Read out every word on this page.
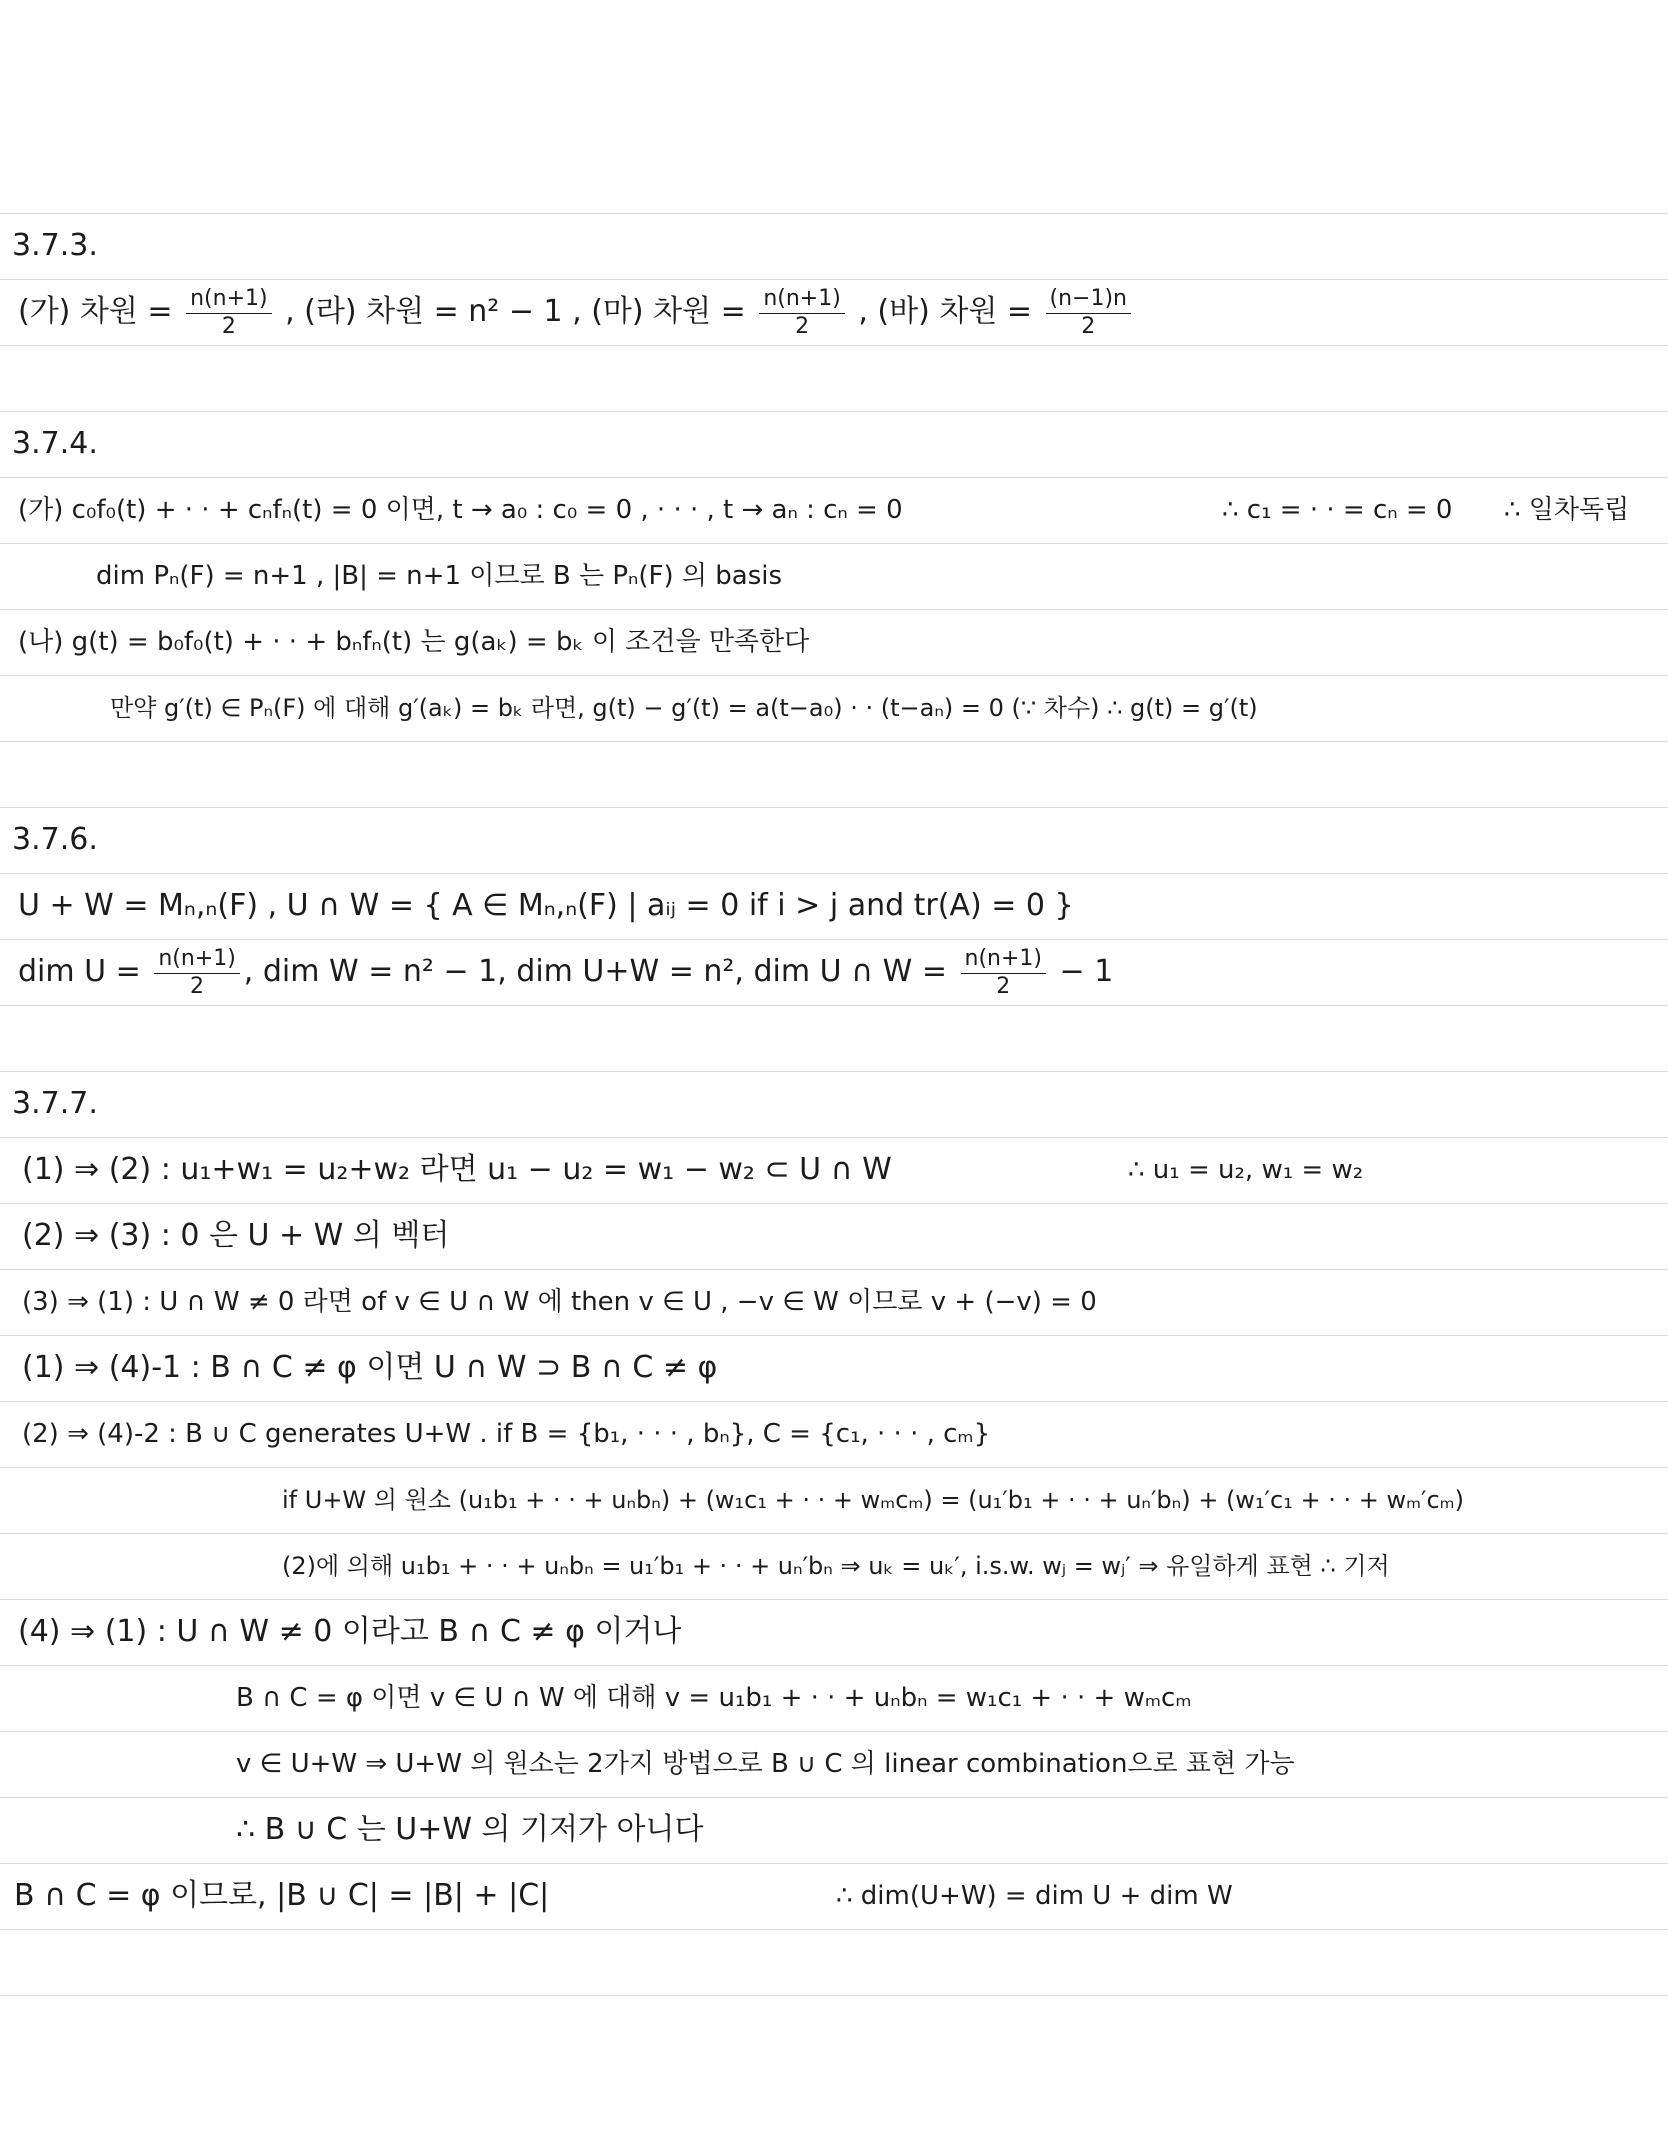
3.7.3.
(가) 차원 = $\frac{n(n+1)}{2}$ , (라) 차원 = n² − 1 , (마) 차원 = $\frac{n(n+1)}{2}$ , (바) 차원 = $\frac{(n-1)n}{2}$
3.7.4.
(가) c₀f₀(t) + · · + cₙfₙ(t) = 0 이면, t → a₀ : c₀ = 0 , · · · , t → aₙ : cₙ = 0	∴ c₁ = · · = cₙ = 0 ∴ 일차독립
dim Pₙ(F) = n+1 , |B| = n+1 이므로 B 는 Pₙ(F) 의 basis
(나) g(t) = b₀f₀(t) + · · + bₙfₙ(t) 는 g(aₖ) = bₖ 이 조건을 만족한다
만약 g′(t) ∈ Pₙ(F) 에 대해 g′(aₖ) = bₖ 라면, g(t) − g′(t) = a(t−a₀) · · (t−aₙ) = 0 (∵ 차수) ∴ g(t) = g′(t)
3.7.6.
U + W = Mₙ,ₙ(F) , U ∩ W = { A ∈ Mₙ,ₙ(F) | aᵢⱼ = 0 if i > j and tr(A) = 0 }
dim $U = \frac{n(n+1)}{2}$ , dim W = n² − 1, dim U+W = n², dim U ∩ $W = \frac{n(n+1)}{2} - 1$
3.7.7.
(1) ⇒ (2) : u₁+w₁ = u₂+w₂ 라면 u₁ − u₂ = w₁ − w₂ ⊂ U ∩ W	∴ u₁ = u₂, w₁ = w₂
(2) ⇒ (3) : 0 은 U + W 의 벡터
(3) ⇒ (1) : U ∩ W ≠ 0 라면 of v ∈ U ∩ W 에 then v ∈ U , −v ∈ W 이므로 v + (−v) = 0
(1) ⇒ (4)-1 : B ∩ C ≠ φ 이면 U ∩ W ⊃ B ∩ C ≠ φ
(2) ⇒ (4)-2 : B ∪ C generates U+W . if B = {b₁, · · · , bₙ}, C = {c₁, · · · , cₘ}
if U+W 의 원소 (u₁b₁ + · · + uₙbₙ) + (w₁c₁ + · · + wₘcₘ) = (u₁′b₁ + · · + uₙ′bₙ) + (w₁′c₁ + · · + wₘ′cₘ)
(2)에 의해 u₁b₁ + · · + uₙbₙ = u₁′b₁ + · · + uₙ′bₙ ⇒ uₖ = uₖ′, i.s.w. wⱼ = wⱼ′ ⇒ 유일하게 표현 ∴ 기저
(4) ⇒ (1) : U ∩ W ≠ 0 이라고 B ∩ C ≠ φ 이거나
B ∩ C = φ 이면 v ∈ U ∩ W 에 대해 v = u₁b₁ + · · + uₙbₙ = w₁c₁ + · · + wₘcₘ
v ∈ U+W ⇒ U+W 의 원소는 2가지 방법으로 B ∪ C 의 linear combination으로 표현 가능
∴ B ∪ C 는 U+W 의 기저가 아니다
B ∩ C = φ 이므로, |B ∪ C| = |B| + |C|	∴ dim(U+W) = dim U + dim W
